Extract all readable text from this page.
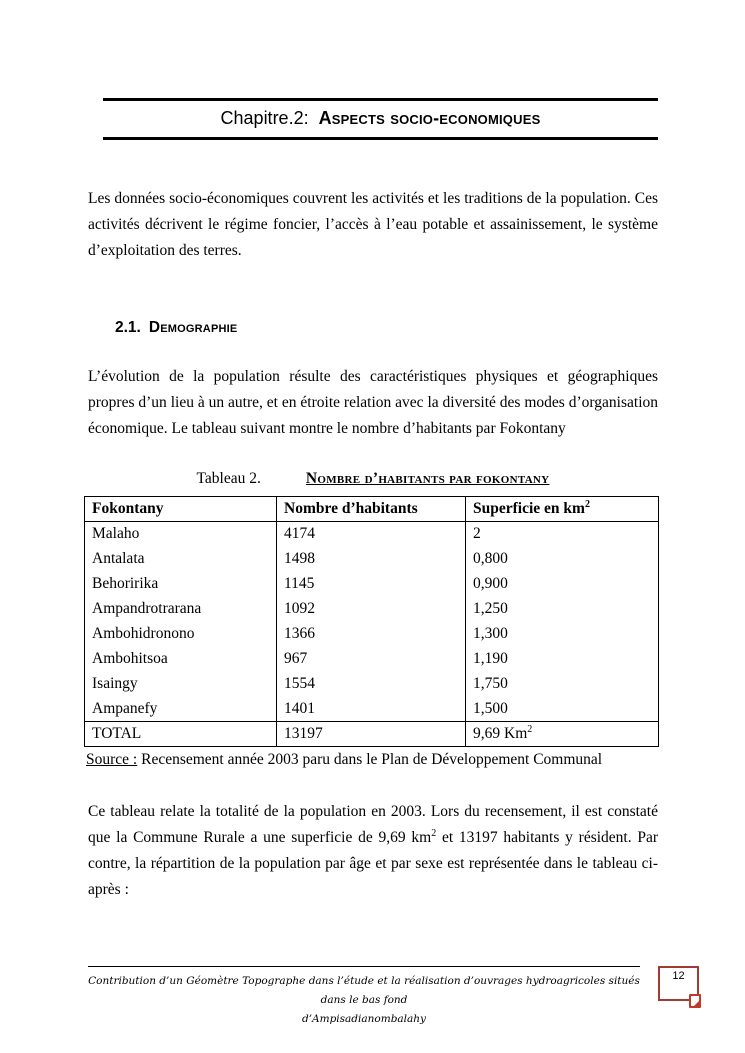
Chapitre.2: Aspects socio-economiques

Les données socio-économiques couvrent les activités et les traditions de la population. Ces activités décrivent le régime foncier, l’accès à l’eau potable et assainissement, le système d’exploitation des terres.

2.1. Demographie

L’évolution de la population résulte des caractéristiques physiques et géographiques propres d’un lieu à un autre, et en étroite relation avec la diversité des modes d’organisation économique. Le tableau suivant montre le nombre d’habitants par Fokontany

Tableau 2.	Nombre d’habitants par fokontany
Fokontany	Nombre d’habitants	Superficie en $km^2$
Malaho	4174	2
Antalata	1498	0,800
Behoririka	1145	0,900
Ampandrotrarana	1092	1,250
Ambohidronono	1366	1,300
Ambohitsoa	967	1,190
Isaingy	1554	1,750
Ampanefy	1401	1,500
TOTAL	13197	9,69 Km$^2$

Source : Recensement année 2003 paru dans le Plan de Développement Communal

Ce tableau relate la totalité de la population en 2003. Lors du recensement, il est constaté que la Commune Rurale a une superficie de 9,69 $km^2$ et 13197 habitants y résident. Par contre, la répartition de la population par âge et par sexe est représentée dans le tableau ci-après :

Contribution d’un Géomètre Topographe dans l’étude et la réalisation d’ouvrages hydroagricoles situés dans le bas fond
d’Ampisadianombalahy
12
